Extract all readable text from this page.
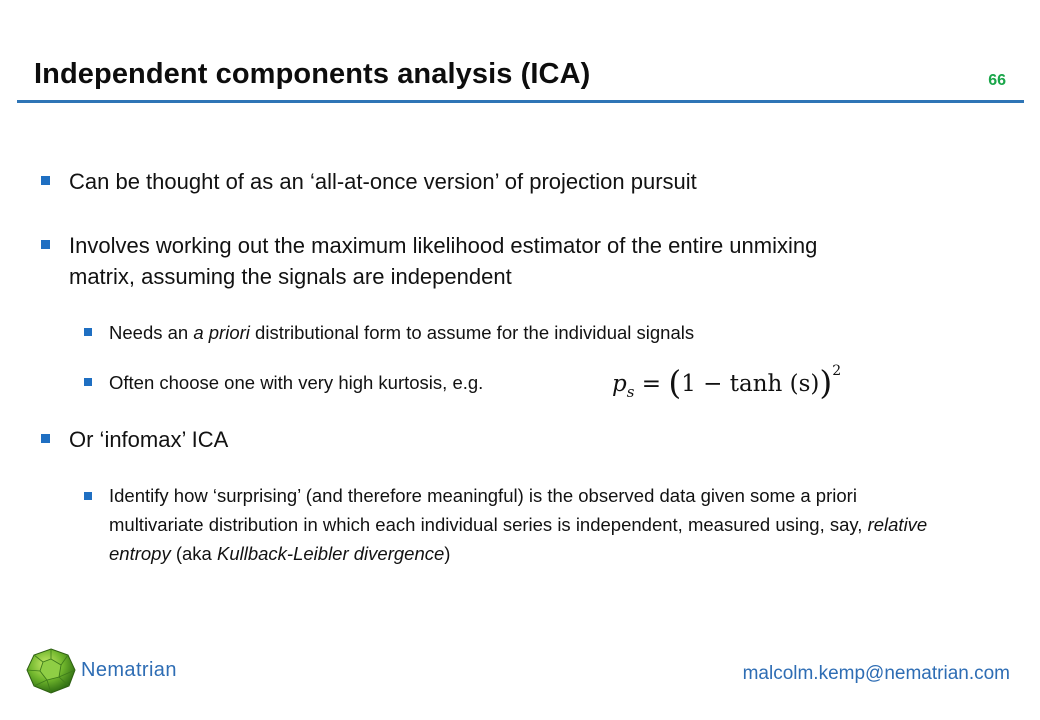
Independent components analysis (ICA)	66
Can be thought of as an ‘all-at-once version’ of projection pursuit
Involves working out the maximum likelihood estimator of the entire unmixing matrix, assuming the signals are independent
Needs an a priori distributional form to assume for the individual signals
Often choose one with very high kurtosis, e.g.	$p_s = (1 - \tanh (s))^2$
Or ‘infomax’ ICA
Identify how ‘surprising’ (and therefore meaningful) is the observed data given some a priori multivariate distribution in which each individual series is independent, measured using, say, relative entropy (aka Kullback-Leibler divergence)
Nematrian	malcolm.kemp@nematrian.com
